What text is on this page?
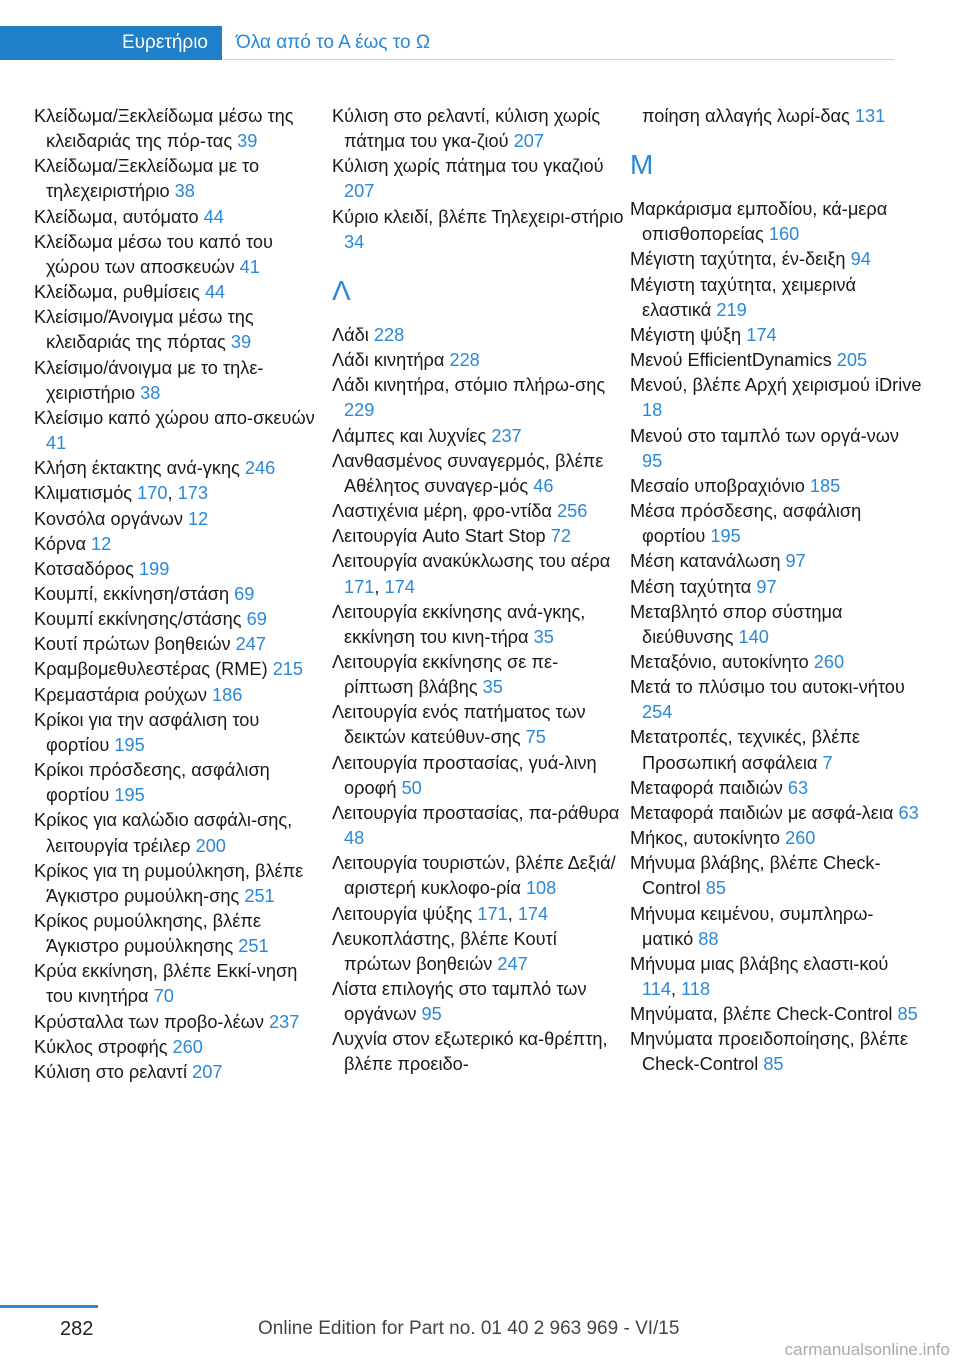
Ευρετήριο	Όλα από το Α έως το Ω
Κλείδωμα/Ξεκλείδωμα μέσω της κλειδαριάς της πόρ‐τας 39
Κλείδωμα/Ξεκλείδωμα με το τηλεχειριστήριο 38
Κλείδωμα, αυτόματο 44
Κλείδωμα μέσω του καπό του χώρου των αποσκευών 41
Κλείδωμα, ρυθμίσεις 44
Κλείσιμο/Άνοιγμα μέσω της κλειδαριάς της πόρτας 39
Κλείσιμο/άνοιγμα με το τηλε‐χειριστήριο 38
Κλείσιμο καπό χώρου απο‐σκευών 41
Κλήση έκτακτης ανά‐γκης 246
Κλιματισμός 170, 173
Κονσόλα οργάνων 12
Κόρνα 12
Κοτσαδόρος 199
Κουμπί, εκκίνηση/στάση 69
Κουμπί εκκίνησης/στάσης 69
Κουτί πρώτων βοηθειών 247
Κραμβομεθυλεστέρας (RME) 215
Κρεμαστάρια ρούχων 186
Κρίκοι για την ασφάλιση του φορτίου 195
Κρίκοι πρόσδεσης, ασφάλιση φορτίου 195
Κρίκος για καλώδιο ασφάλι‐σης, λειτουργία τρέιλερ 200
Κρίκος για τη ρυμούλκηση, βλέπε Άγκιστρο ρυμούλκη‐σης 251
Κρίκος ρυμούλκησης, βλέπε Άγκιστρο ρυμούλκησης 251
Κρύα εκκίνηση, βλέπε Εκκί‐νηση του κινητήρα 70
Κρύσταλλα των προβο‐λέων 237
Κύκλος στροφής 260
Κύλιση στο ρελαντί 207
Κύλιση στο ρελαντί, κύλιση χωρίς πάτημα του γκα‐ζιού 207
Κύλιση χωρίς πάτημα του γκαζιού 207
Κύριο κλειδί, βλέπε Τηλεχειρι‐στήριο 34
Λ
Λάδι 228
Λάδι κινητήρα 228
Λάδι κινητήρα, στόμιο πλήρω‐σης 229
Λάμπες και λυχνίες 237
Λανθασμένος συναγερμός, βλέπε Αθέλητος συναγερ‐μός 46
Λαστιχένια μέρη, φρο‐ντίδα 256
Λειτουργία Auto Start Stop 72
Λειτουργία ανακύκλωσης του αέρα 171, 174
Λειτουργία εκκίνησης ανά‐γκης, εκκίνηση του κινη‐τήρα 35
Λειτουργία εκκίνησης σε πε‐ρίπτωση βλάβης 35
Λειτουργία ενός πατήματος των δεικτών κατεύθυν‐σης 75
Λειτουργία προστασίας, γυά‐λινη οροφή 50
Λειτουργία προστασίας, πα‐ράθυρα 48
Λειτουργία τουριστών, βλέπε Δεξιά/αριστερή κυκλοφο‐ρία 108
Λειτουργία ψύξης 171, 174
Λευκοπλάστης, βλέπε Κουτί πρώτων βοηθειών 247
Λίστα επιλογής στο ταμπλό των οργάνων 95
Λυχνία στον εξωτερικό κα‐θρέπτη, βλέπε προειδο‐
ποίηση αλλαγής λωρί‐δας 131
Μ
Μαρκάρισμα εμποδίου, κά‐μερα οπισθοπορείας 160
Μέγιστη ταχύτητα, έν‐δειξη 94
Μέγιστη ταχύτητα, χειμερινά ελαστικά 219
Μέγιστη ψύξη 174
Μενού EfficientDynamics 205
Μενού, βλέπε Αρχή χειρισμού iDrive 18
Μενού στο ταμπλό των οργά‐νων 95
Μεσαίο υποβραχιόνιο 185
Μέσα πρόσδεσης, ασφάλιση φορτίου 195
Μέση κατανάλωση 97
Μέση ταχύτητα 97
Μεταβλητό σπορ σύστημα διεύθυνσης 140
Μεταξόνιο, αυτοκίνητο 260
Μετά το πλύσιμο του αυτοκι‐νήτου 254
Μετατροπές, τεχνικές, βλέπε Προσωπική ασφάλεια 7
Μεταφορά παιδιών 63
Μεταφορά παιδιών με ασφά‐λεια 63
Μήκος, αυτοκίνητο 260
Μήνυμα βλάβης, βλέπε Check-Control 85
Μήνυμα κειμένου, συμπληρω‐ματικό 88
Μήνυμα μιας βλάβης ελαστι‐κού 114, 118
Μηνύματα, βλέπε Check-Control 85
Μηνύματα προειδοποίησης, βλέπε Check-Control 85
282	Online Edition for Part no. 01 40 2 963 969 - VI/15
carmanualsonline.info
